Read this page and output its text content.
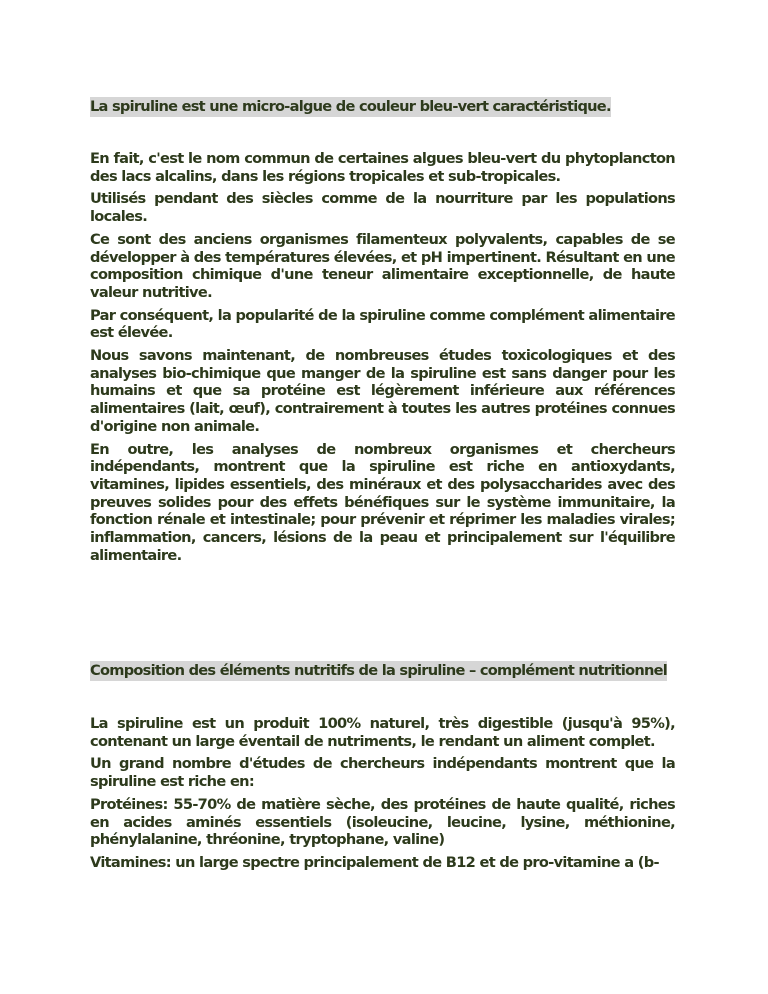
La spiruline est une micro-algue de couleur bleu-vert caractéristique.

En fait, c'est le nom commun de certaines algues bleu-vert du phytoplancton des lacs alcalins, dans les régions tropicales et sub-tropicales.

Utilisés pendant des siècles comme de la nourriture par les populations locales.

Ce sont des anciens organismes filamenteux polyvalents, capables de se développer à des températures élevées, et pH impertinent. Résultant en une composition chimique d'une teneur alimentaire exceptionnelle, de haute valeur nutritive.

Par conséquent, la popularité de la spiruline comme complément alimentaire est élevée.

Nous savons maintenant, de nombreuses études toxicologiques et des analyses bio-chimique que manger de la spiruline est sans danger pour les humains et que sa protéine est légèrement inférieure aux références alimentaires (lait, œuf), contrairement à toutes les autres protéines connues d'origine non animale.

En outre, les analyses de nombreux organismes et chercheurs indépendants, montrent que la spiruline est riche en antioxydants, vitamines, lipides essentiels, des minéraux et des polysaccharides avec des preuves solides pour des effets bénéfiques sur le système immunitaire, la fonction rénale et intestinale; pour prévenir et réprimer les maladies virales; inflammation, cancers, lésions de la peau et principalement sur l'équilibre alimentaire.

Composition des éléments nutritifs de la spiruline – complément nutritionnel

La spiruline est un produit 100% naturel, très digestible (jusqu'à 95%), contenant un large éventail de nutriments, le rendant un aliment complet.

Un grand nombre d'études de chercheurs indépendants montrent que la spiruline est riche en:

Protéines: 55-70% de matière sèche, des protéines de haute qualité, riches en acides aminés essentiels (isoleucine, leucine, lysine, méthionine, phénylalanine, thréonine, tryptophane, valine)

Vitamines: un large spectre principalement de B12 et de pro-vitamine a (b-
